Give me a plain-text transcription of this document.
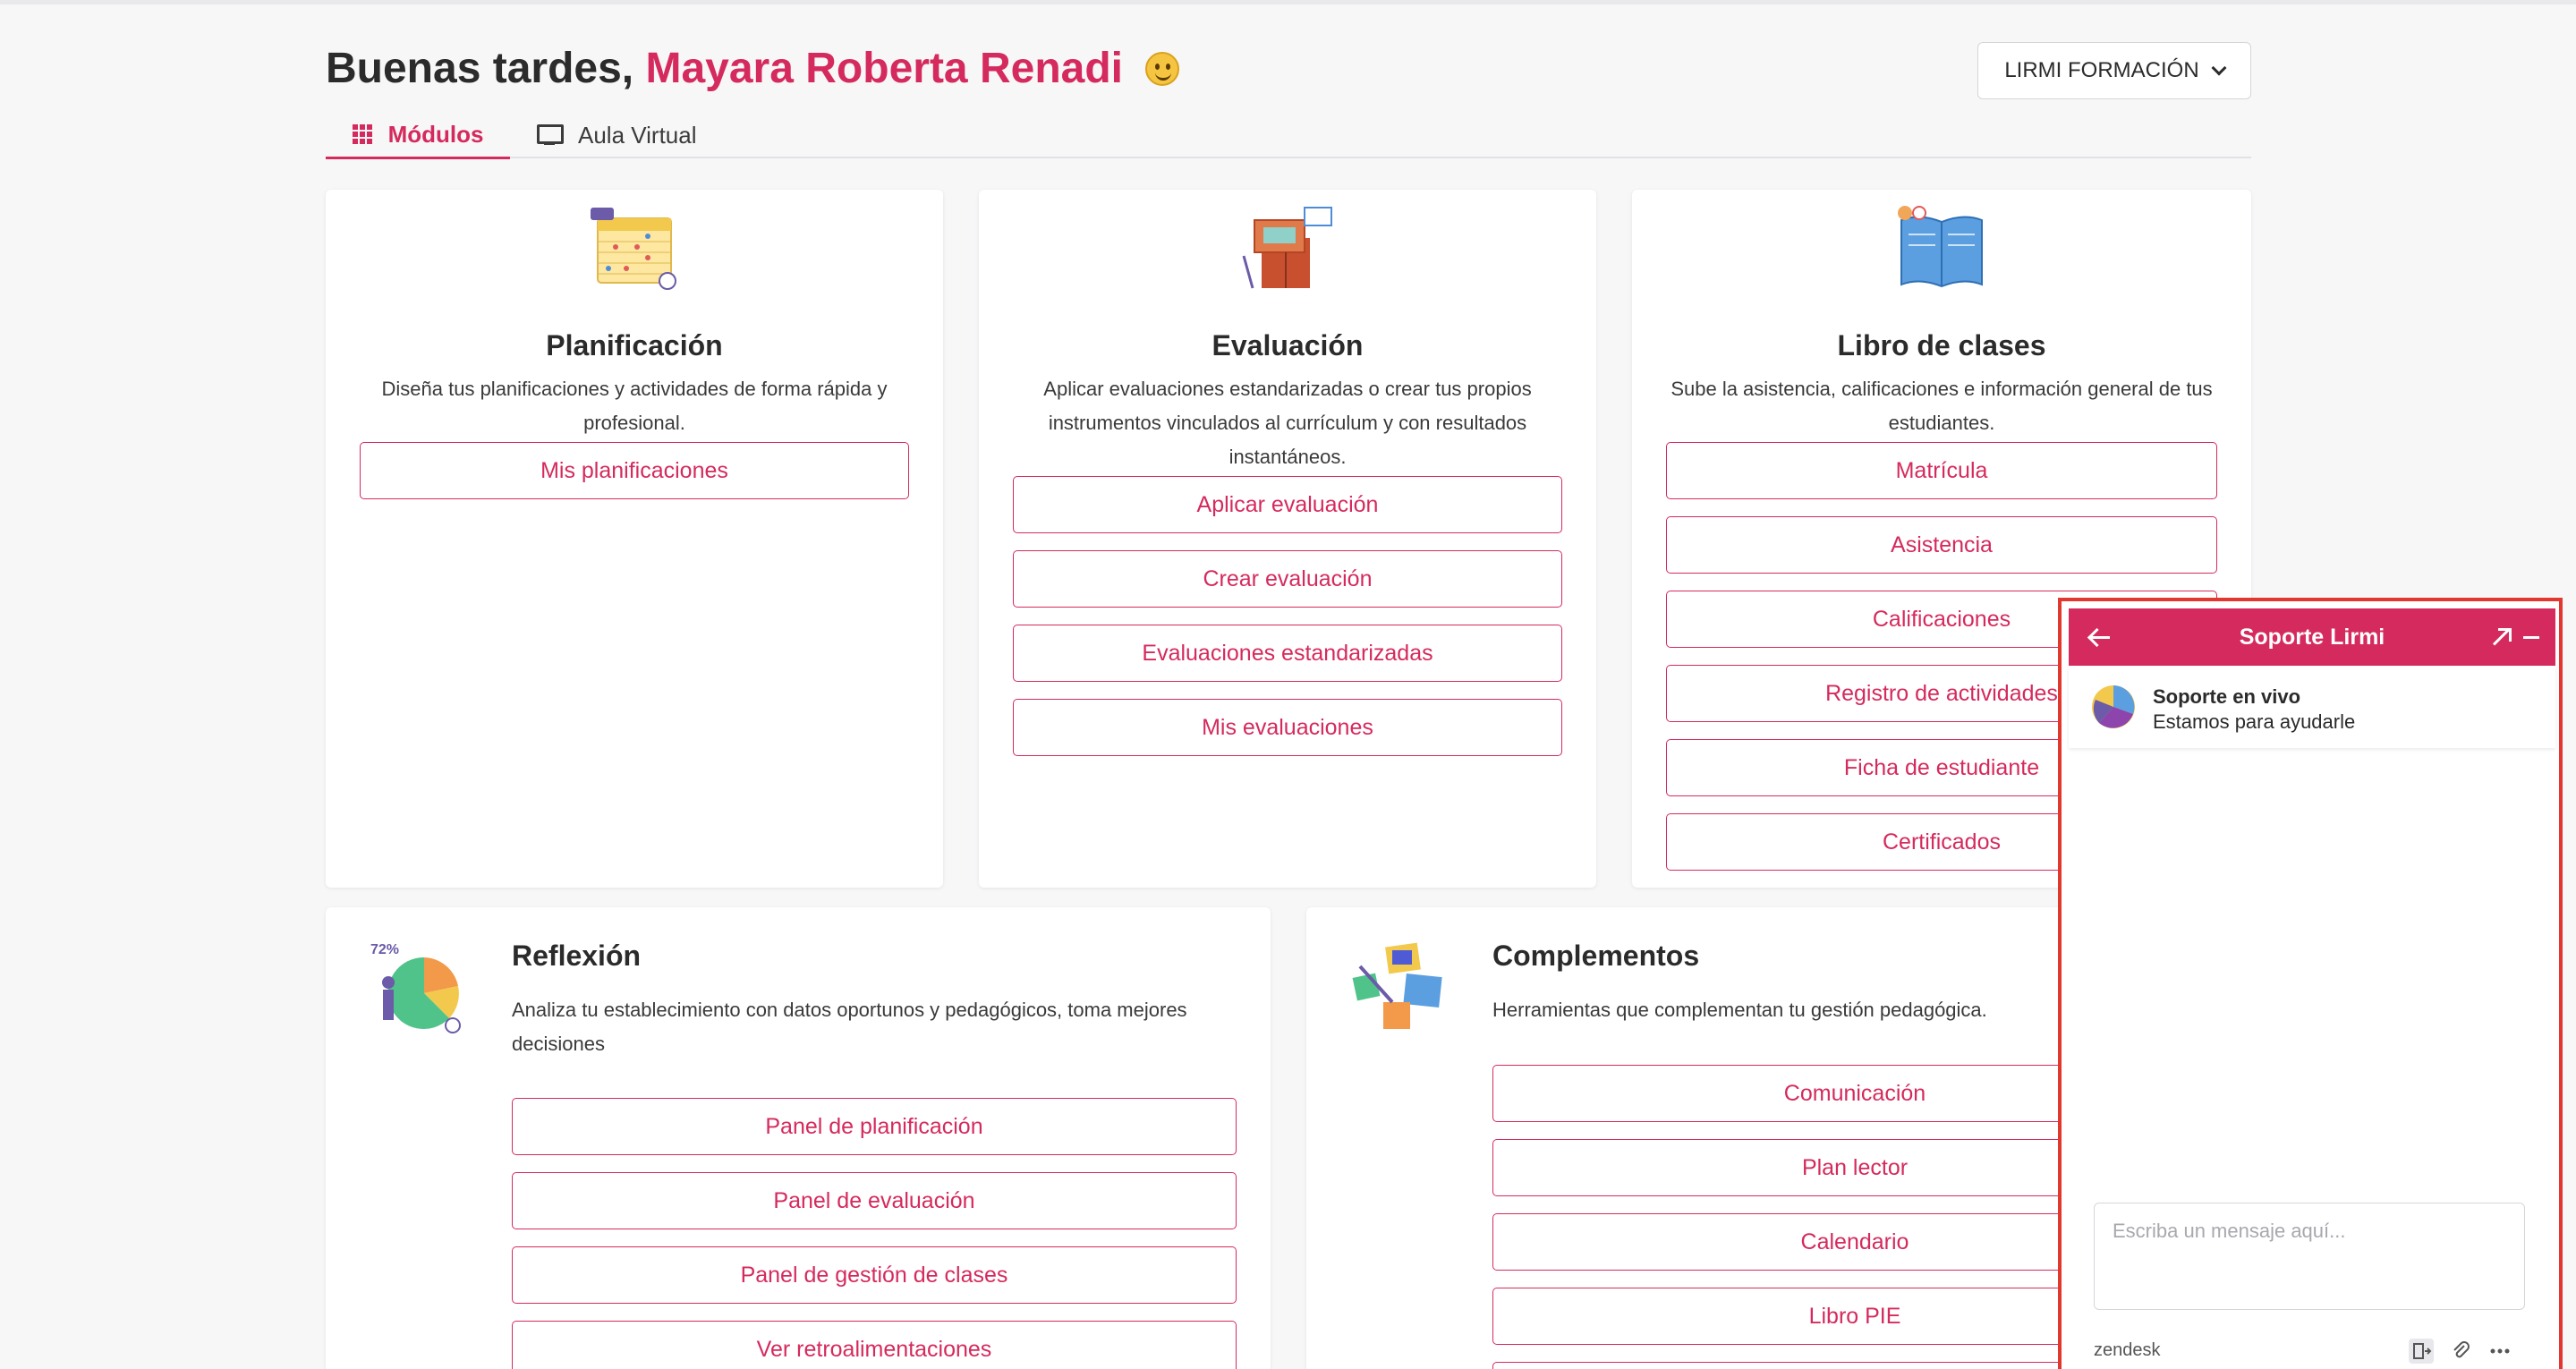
Buenas tardes, Mayara Roberta Renadi	LIRMI FORMACIÓN
Módulos	Aula Virtual
Planificación
Diseña tus planificaciones y actividades de forma rápida y profesional.
Mis planificaciones
Evaluación
Aplicar evaluaciones estandarizadas o crear tus propios instrumentos vinculados al currículum y con resultados instantáneos.
Aplicar evaluación
Crear evaluación
Evaluaciones estandarizadas
Mis evaluaciones
Libro de clases
Sube la asistencia, calificaciones e información general de tus estudiantes.
Matrícula
Asistencia
Calificaciones
Registro de actividades
Ficha de estudiante
Certificados
72%	Reflexión
Analiza tu establecimiento con datos oportunos y pedagógicos, toma mejores decisiones
Panel de planificación
Panel de evaluación
Panel de gestión de clases
Ver retroalimentaciones
Complementos
Herramientas que complementan tu gestión pedagógica.
Comunicación
Plan lector
Calendario
Libro PIE
Soporte Lirmi
Soporte en vivo
Estamos para ayudarle
Escriba un mensaje aquí...
zendesk
